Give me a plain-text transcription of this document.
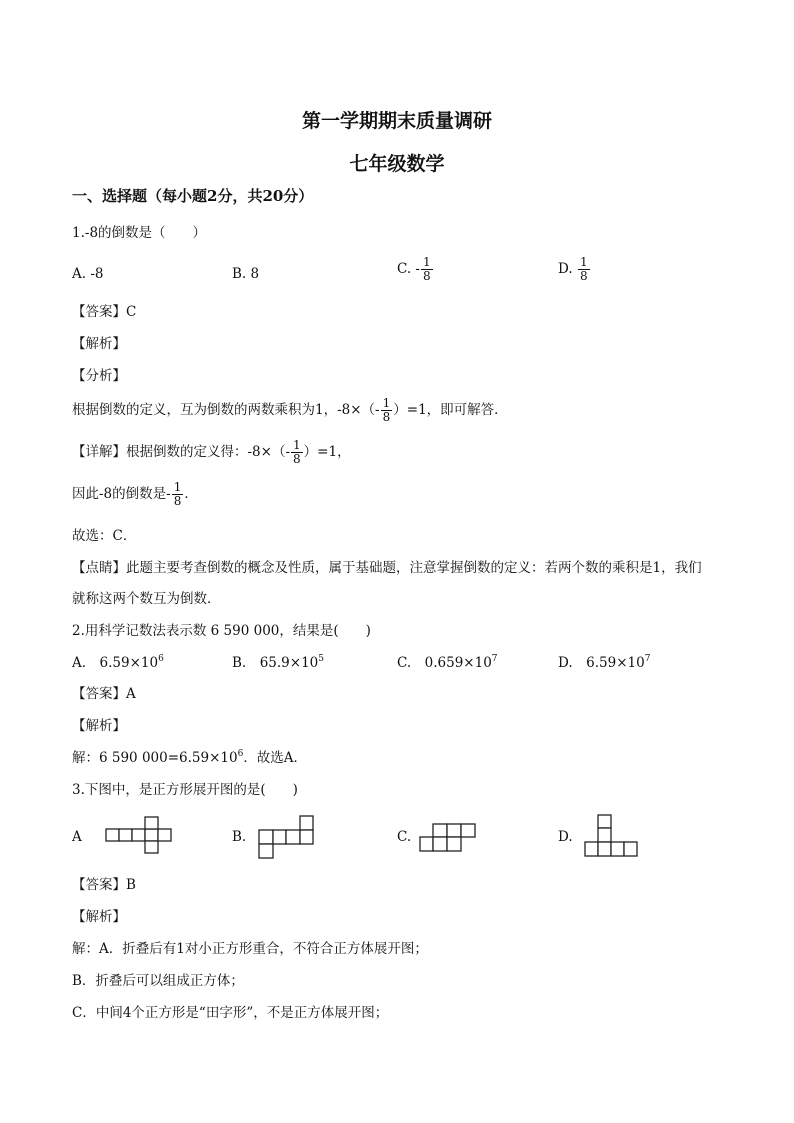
第一学期期末质量调研
七年级数学
一、选择题（每小题2分，共20分）
1.-8的倒数是（　　）
A. -8	B. 8	C. - $\frac{1}{8}$	D. $\frac{1}{8}$
【答案】C
【解析】
【分析】
根据倒数的定义，互为倒数的两数乘积为1，$-8\times(- \frac{1}{8} )=1$，即可解答．
【详解】根据倒数的定义得：$-8\times(- \frac{1}{8} )=1$，
因此-8的倒数是- $\frac{1}{8}$ ．
故选：C．
【点睛】此题主要考查倒数的概念及性质，属于基础题，注意掌握倒数的定义：若两个数的乘积是1，我们
就称这两个数互为倒数．
2.用科学记数法表示数 6 590 000，结果是(　　)
A.　$6.59\times 10^6$	B.　$65.9\times 10^5$	C.　$0.659\times 10^7$	D.　$6.59\times 10^7$
【答案】A
【解析】
解：6 590 $000=6.59\times 10^6$．故选A．
3.下图中，是正方形展开图的是(　　)
A	B.	C.	D.
【答案】B
【解析】
解：A．折叠后有1对小正方形重合，不符合正方体展开图；
B．折叠后可以组成正方体；
C．中间4个正方形是“田字形”，不是正方体展开图；
